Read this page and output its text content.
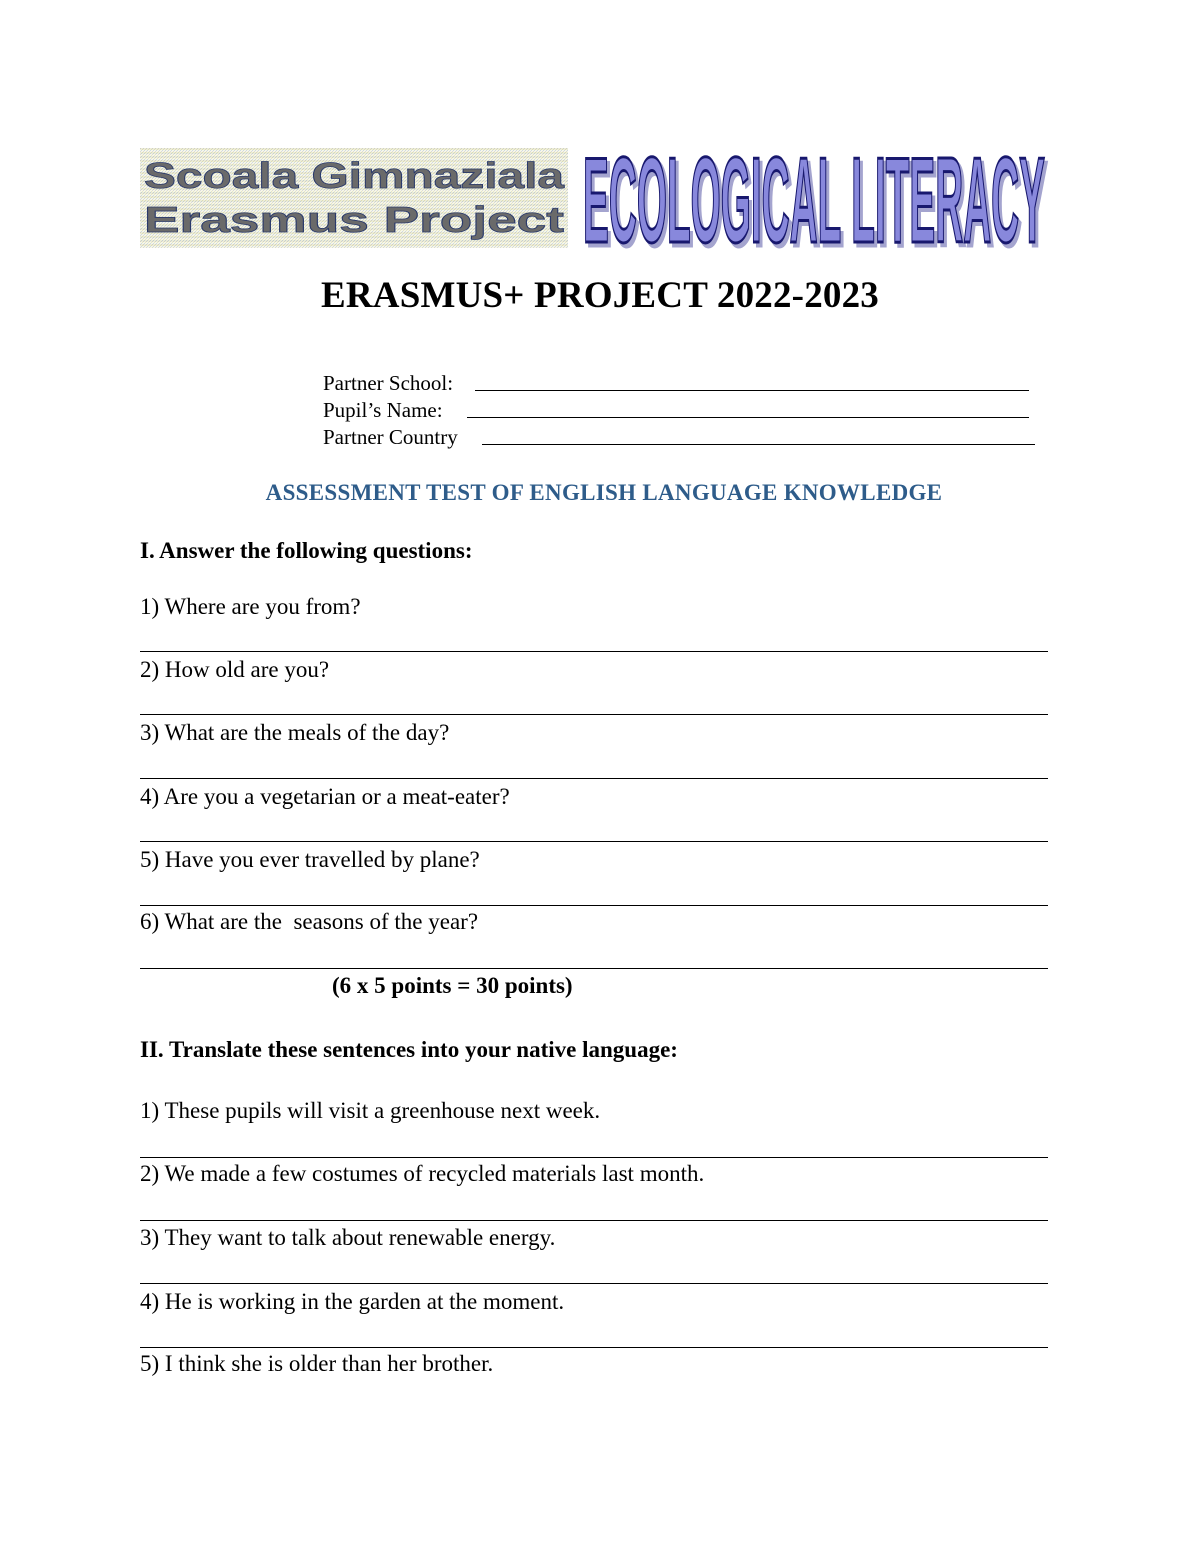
Scoala Gimnaziala
Erasmus Project ECOLOGICAL LITERACY
ECOLOGICAL LITERACY
ERASMUS+ PROJECT 2022-2023
Partner School:
Pupil’s Name:
Partner Country
ASSESSMENT TEST OF ENGLISH LANGUAGE KNOWLEDGE
I. Answer the following questions:
1) Where are you from?
2) How old are you?
3) What are the meals of the day?
4) Are you a vegetarian or a meat-eater?
5) Have you ever travelled by plane?
6) What are the  seasons of the year?
(6 x 5 points = 30 points)
II. Translate these sentences into your native language:
1) These pupils will visit a greenhouse next week.
2) We made a few costumes of recycled materials last month.
3) They want to talk about renewable energy.
4) He is working in the garden at the moment.
5) I think she is older than her brother.
